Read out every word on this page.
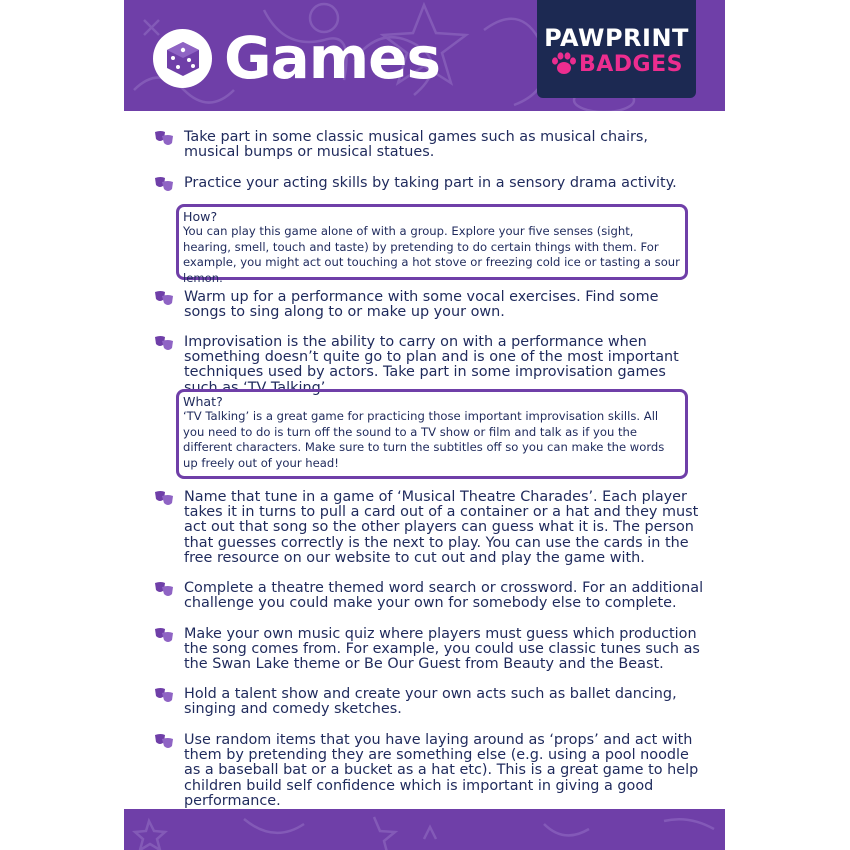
Games	PAWPRINT
BADGES
Take part in some classic musical games such as musical chairs, musical bumps or musical statues.
Practice your acting skills by taking part in a sensory drama activity.
How?
You can play this game alone of with a group. Explore your five senses (sight, hearing, smell, touch and taste) by pretending to do certain things with them. For example, you might act out touching a hot stove or freezing cold ice or tasting a sour lemon.
Warm up for a performance with some vocal exercises. Find some songs to sing along to or make up your own.
Improvisation is the ability to carry on with a performance when something doesn’t quite go to plan and is one of the most important techniques used by actors. Take part in some improvisation games such as ‘TV Talking’.
What?
‘TV Talking’ is a great game for practicing those important improvisation skills. All you need to do is turn off the sound to a TV show or film and talk as if you the different characters. Make sure to turn the subtitles off so you can make the words up freely out of your head!
Name that tune in a game of ‘Musical Theatre Charades’. Each player takes it in turns to pull a card out of a container or a hat and they must act out that song so the other players can guess what it is. The person that guesses correctly is the next to play. You can use the cards in the free resource on our website to cut out and play the game with.
Complete a theatre themed word search or crossword. For an additional challenge you could make your own for somebody else to complete.
Make your own music quiz where players must guess which production the song comes from. For example, you could use classic tunes such as the Swan Lake theme or Be Our Guest from Beauty and the Beast.
Hold a talent show and create your own acts such as ballet dancing, singing and comedy sketches.
Use random items that you have laying around as ‘props’ and act with them by pretending they are something else (e.g. using a pool noodle as a baseball bat or a bucket as a hat etc). This is a great game to help children build self confidence which is important in giving a good performance.
